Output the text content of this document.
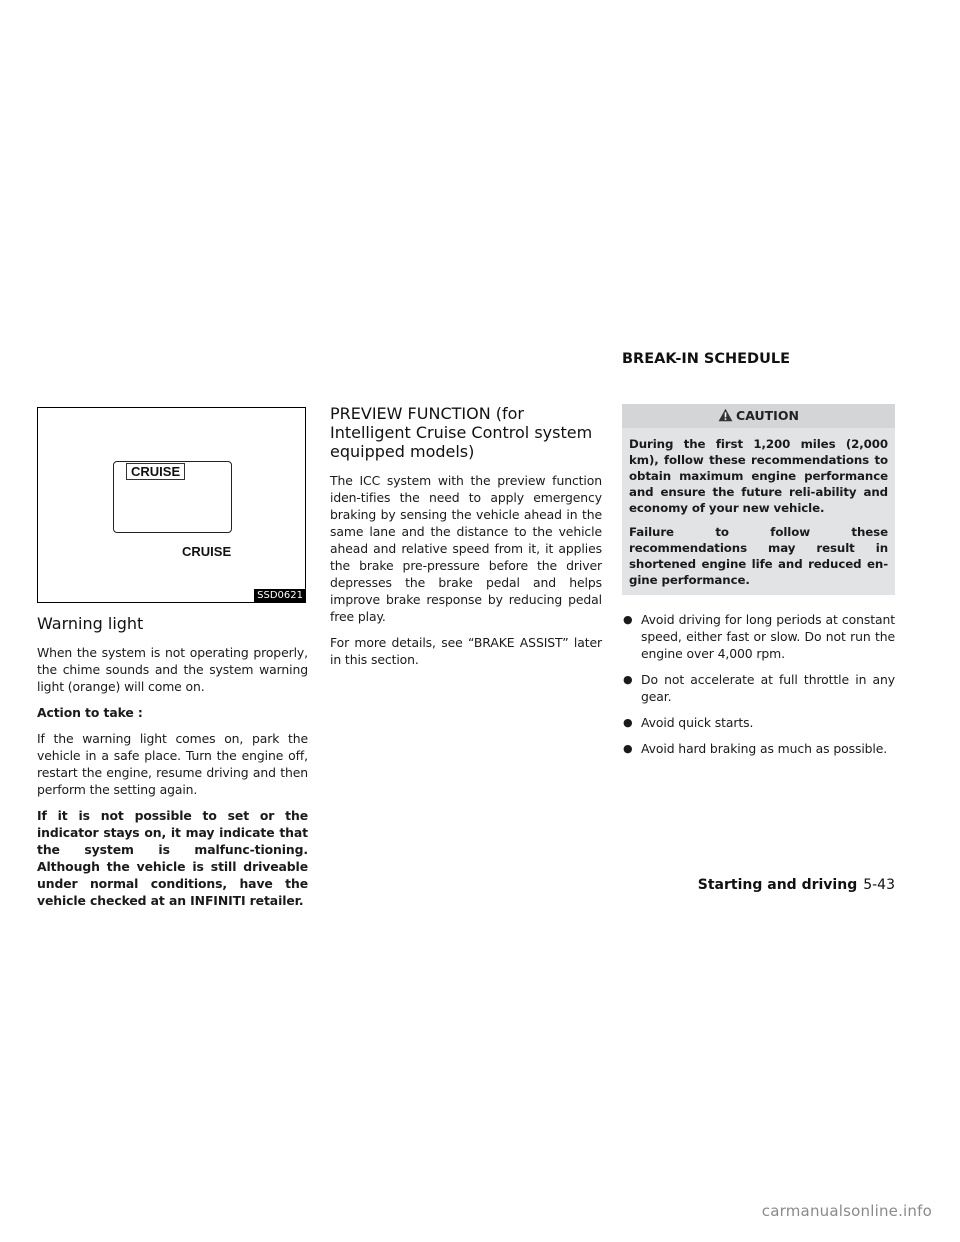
BREAK-IN SCHEDULE
CRUISE
CRUISE
SSD0621
Warning light

When the system is not operating properly, the chime sounds and the system warning light (orange) will come on.

Action to take :

If the warning light comes on, park the vehicle in a safe place. Turn the engine off, restart the engine, resume driving and then perform the setting again.

If it is not possible to set or the indicator stays on, it may indicate that the system is malfunc-tioning. Although the vehicle is still driveable under normal conditions, have the vehicle checked at an INFINITI retailer.

PREVIEW FUNCTION (for Intelligent Cruise Control system equipped models)

The ICC system with the preview function iden-tifies the need to apply emergency braking by sensing the vehicle ahead in the same lane and the distance to the vehicle ahead and relative speed from it, it applies the brake pre-pressure before the driver depresses the brake pedal and helps improve brake response by reducing pedal free play.

For more details, see “BRAKE ASSIST” later in this section.

CAUTION

During the first 1,200 miles (2,000 km), follow these recommendations to obtain maximum engine performance and ensure the future reli-ability and economy of your new vehicle.

Failure to follow these recommendations may result in shortened engine life and reduced en-gine performance.

● Avoid driving for long periods at constant speed, either fast or slow. Do not run the engine over 4,000 rpm.

● Do not accelerate at full throttle in any gear.

● Avoid quick starts.

● Avoid hard braking as much as possible.

Starting and driving 5-43
carmanualsonline.info
